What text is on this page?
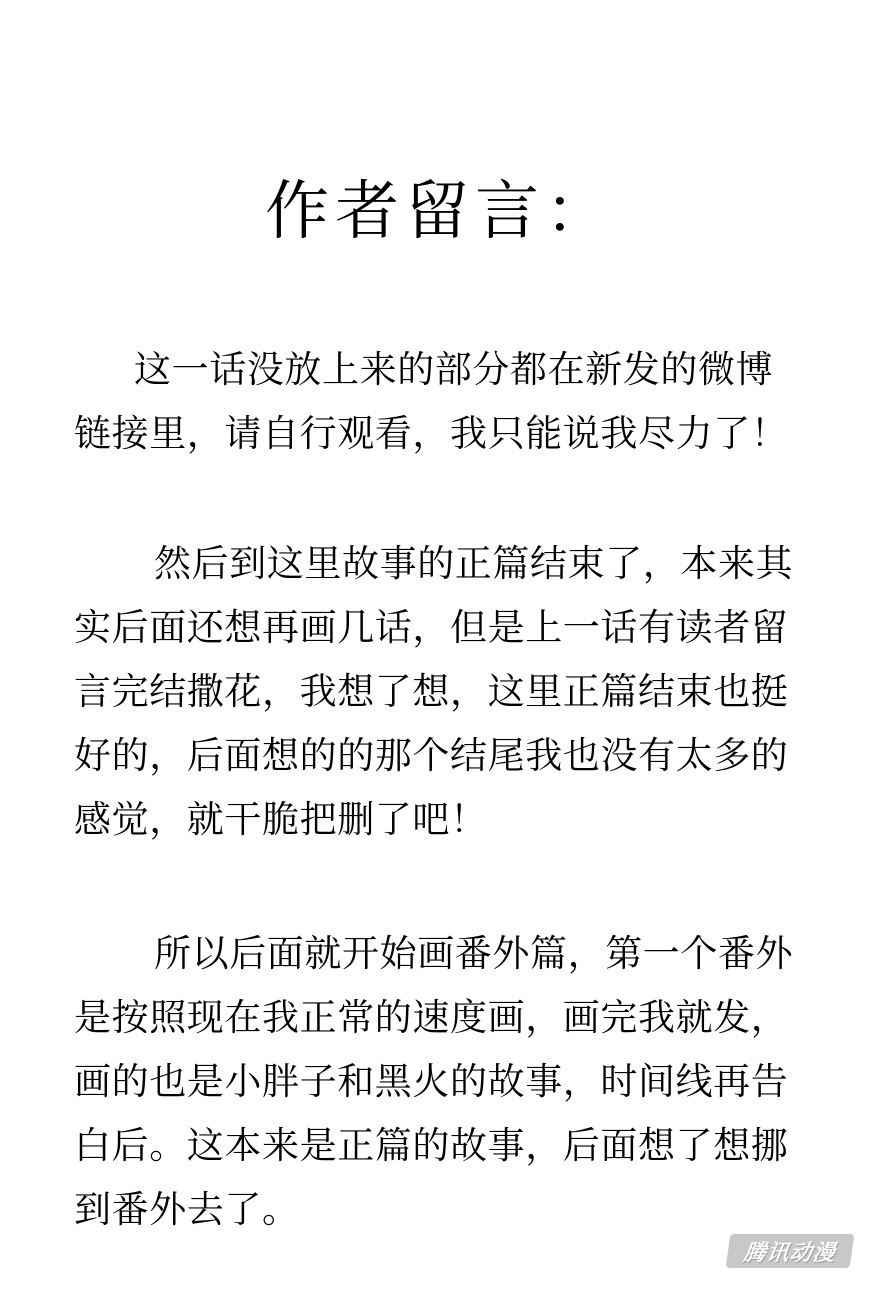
作者留言：
这一话没放上来的部分都在新发的微博
链接里，请自行观看，我只能说我尽力了！
然后到这里故事的正篇结束了，本来其
实后面还想再画几话，但是上一话有读者留
言完结撒花，我想了想，这里正篇结束也挺
好的，后面想的的那个结尾我也没有太多的
感觉，就干脆把删了吧！
所以后面就开始画番外篇，第一个番外
是按照现在我正常的速度画，画完我就发，
画的也是小胖子和黑火的故事，时间线再告
白后。这本来是正篇的故事，后面想了想挪
到番外去了。
腾讯动漫
